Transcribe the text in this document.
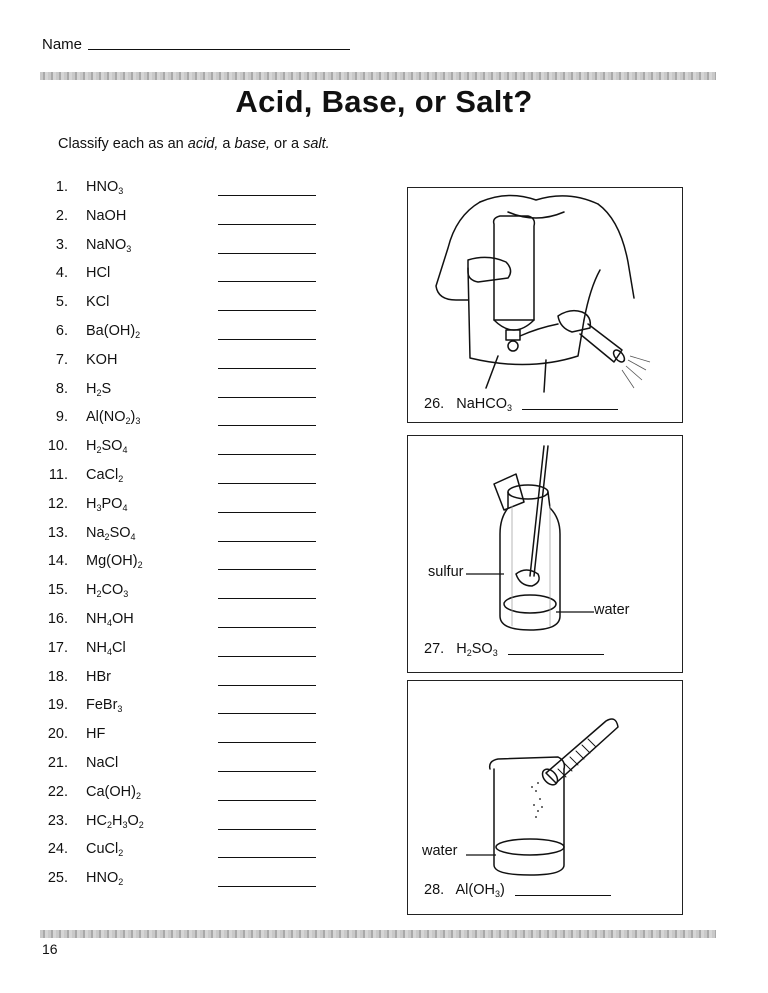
Name
Acid, Base, or Salt?
Classify each as an acid, a base, or a salt.
1. $HNO_3$
2. NaOH
3. NaNO$_3$
4. HCl
5. KCl
6. $Ba(OH)_2$
7. KOH
8. $H_2S$
9. $Al(NO_2)_3$
10. $H_2SO_4$
11. CaCl$_2$
12. $H_3PO_4$
13. $Na_2SO_4$
14. $Mg(OH)_2$
15. $H_2CO_3$
16. $NH_4OH$
17. $NH_4Cl$
18. HBr
19. FeBr$_3$
20. HF
21. NaCl
22. $Ca(OH)_2$
23. $HC_2H_3O_2$
24. CuCl$_2$
25. $HNO_2$
26. NaHCO$_3$
sulfur
water
27. $H_2SO_3$
water
28. $Al(OH_3)$
16
